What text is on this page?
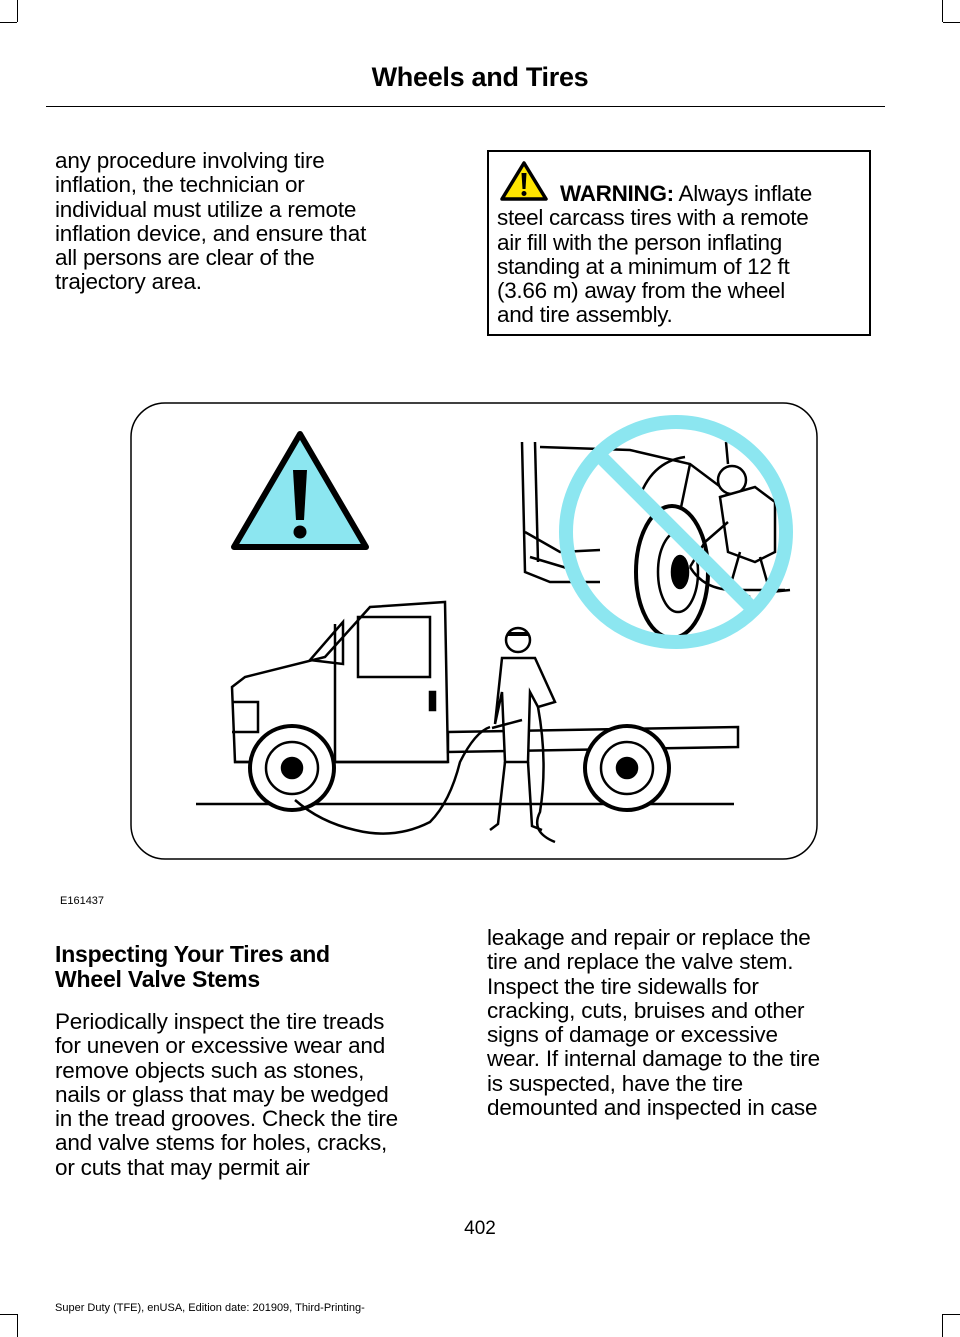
Wheels and Tires
any procedure involving tire
inflation, the technician or
individual must utilize a remote
inflation device, and ensure that
all persons are clear of the
trajectory area.
WARNING: Always inflate
steel carcass tires with a remote
air fill with the person inflating
standing at a minimum of 12 ft
(3.66 m) away from the wheel
and tire assembly.
E161437
Inspecting Your Tires and
Wheel Valve Stems
Periodically inspect the tire treads
for uneven or excessive wear and
remove objects such as stones,
nails or glass that may be wedged
in the tread grooves. Check the tire
and valve stems for holes, cracks,
or cuts that may permit air
leakage and repair or replace the
tire and replace the valve stem.
Inspect the tire sidewalls for
cracking, cuts, bruises and other
signs of damage or excessive
wear. If internal damage to the tire
is suspected, have the tire
demounted and inspected in case
402
Super Duty (TFE), enUSA, Edition date: 201909, Third-Printing-
